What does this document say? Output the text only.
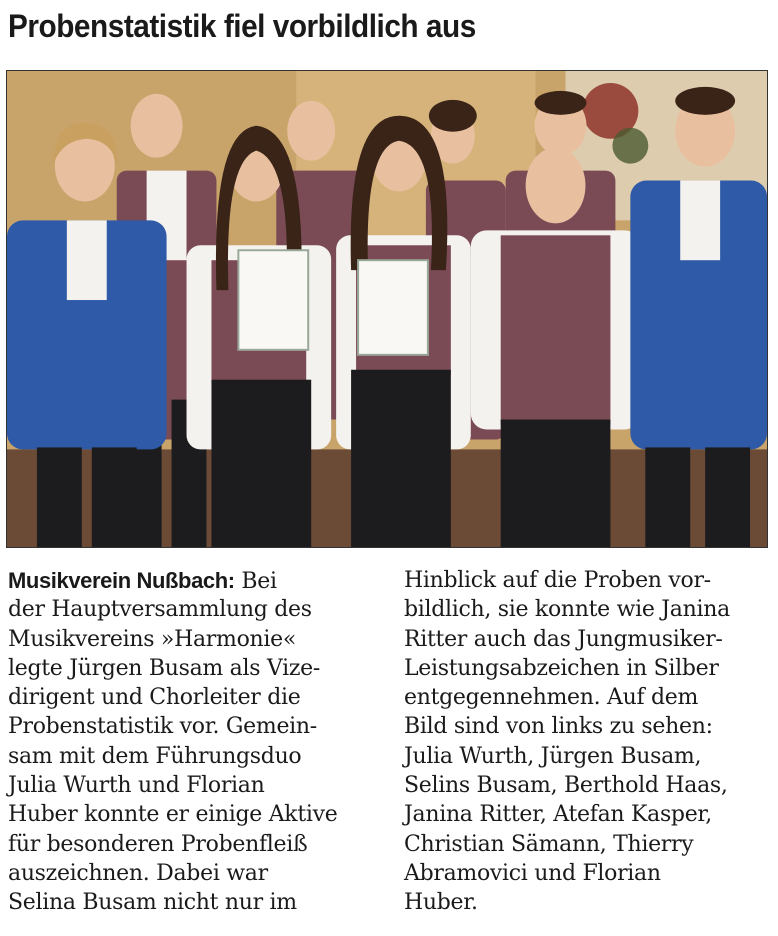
Probenstatistik fiel vorbildlich aus
Musikverein Nußbach: Bei
der Hauptversammlung des
Musikvereins »Harmonie«
legte Jürgen Busam als Vize-
dirigent und Chorleiter die
Probenstatistik vor. Gemein-
sam mit dem Führungsduo
Julia Wurth und Florian
Huber konnte er einige Aktive
für besonderen Probenfleiß
auszeichnen. Dabei war
Selina Busam nicht nur im
Hinblick auf die Proben vor-
bildlich, sie konnte wie Janina
Ritter auch das Jungmusiker-
Leistungsabzeichen in Silber
entgegennehmen. Auf dem
Bild sind von links zu sehen:
Julia Wurth, Jürgen Busam,
Selins Busam, Berthold Haas,
Janina Ritter, Atefan Kasper,
Christian Sämann, Thierry
Abramovici und Florian
Huber.
